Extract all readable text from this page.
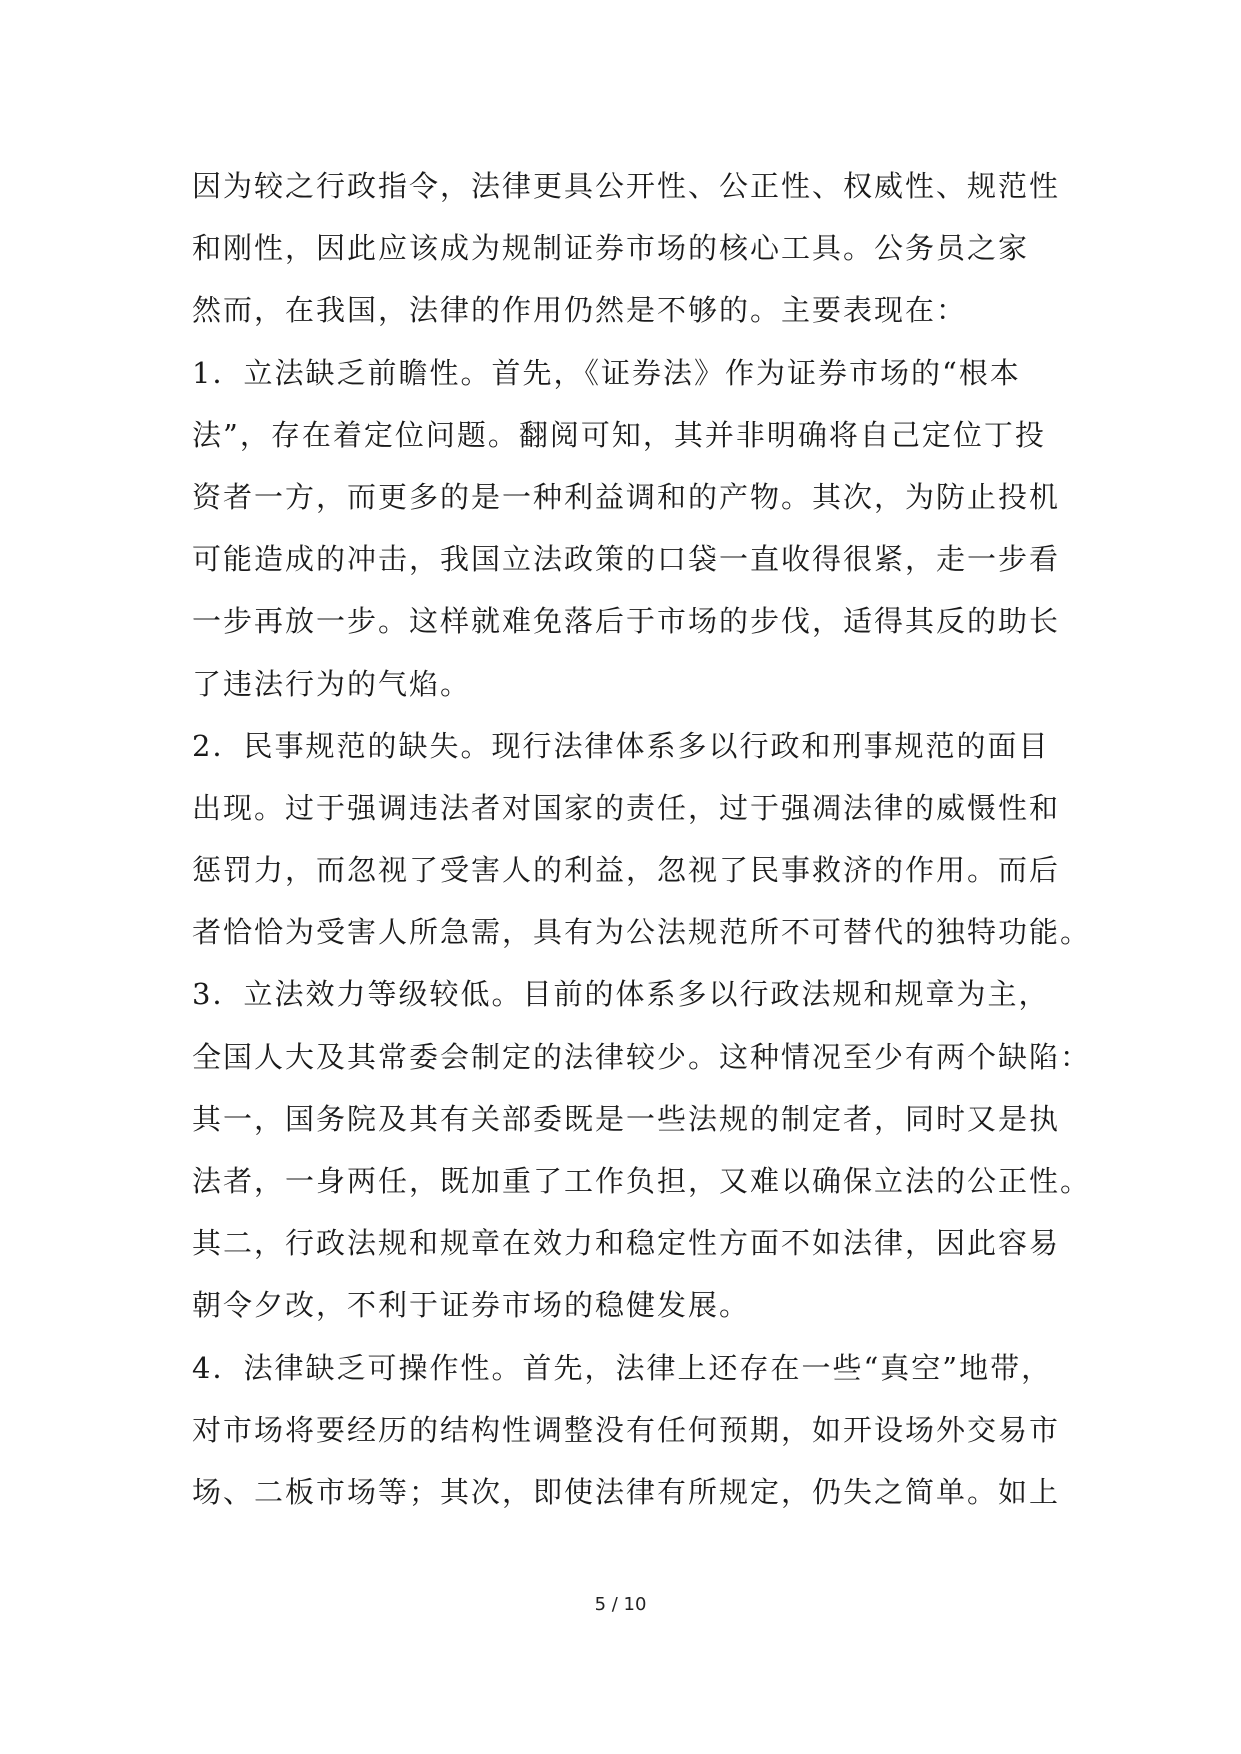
因为较之行政指令，法律更具公开性、公正性、权威性、规范性
和刚性，因此应该成为规制证券市场的核心工具。公务员之家
然而，在我国，法律的作用仍然是不够的。主要表现在：
1．立法缺乏前瞻性。首先，《证券法》作为证券市场的“根本
法”，存在着定位问题。翻阅可知，其并非明确将自己定位丁投
资者一方，而更多的是一种利益调和的产物。其次，为防止投机
可能造成的冲击，我国立法政策的口袋一直收得很紧，走一步看
一步再放一步。这样就难免落后于市场的步伐，适得其反的助长
了违法行为的气焰。
2．民事规范的缺失。现行法律体系多以行政和刑事规范的面目
出现。过于强调违法者对国家的责任，过于强凋法律的威慑性和
惩罚力，而忽视了受害人的利益，忽视了民事救济的作用。而后
者恰恰为受害人所急需，具有为公法规范所不可替代的独特功能。
3．立法效力等级较低。目前的体系多以行政法规和规章为主，
全国人大及其常委会制定的法律较少。这种情况至少有两个缺陷：
其一，国务院及其有关部委既是一些法规的制定者，同时又是执
法者，一身两任，既加重了工作负担，又难以确保立法的公正性。
其二，行政法规和规章在效力和稳定性方面不如法律，因此容易
朝令夕改，不利于证券市场的稳健发展。
4．法律缺乏可操作性。首先，法律上还存在一些“真空”地带，
对市场将要经历的结构性调整没有任何预期，如开设场外交易市
场、二板市场等；其次，即使法律有所规定，仍失之简单。如上
5 / 10
